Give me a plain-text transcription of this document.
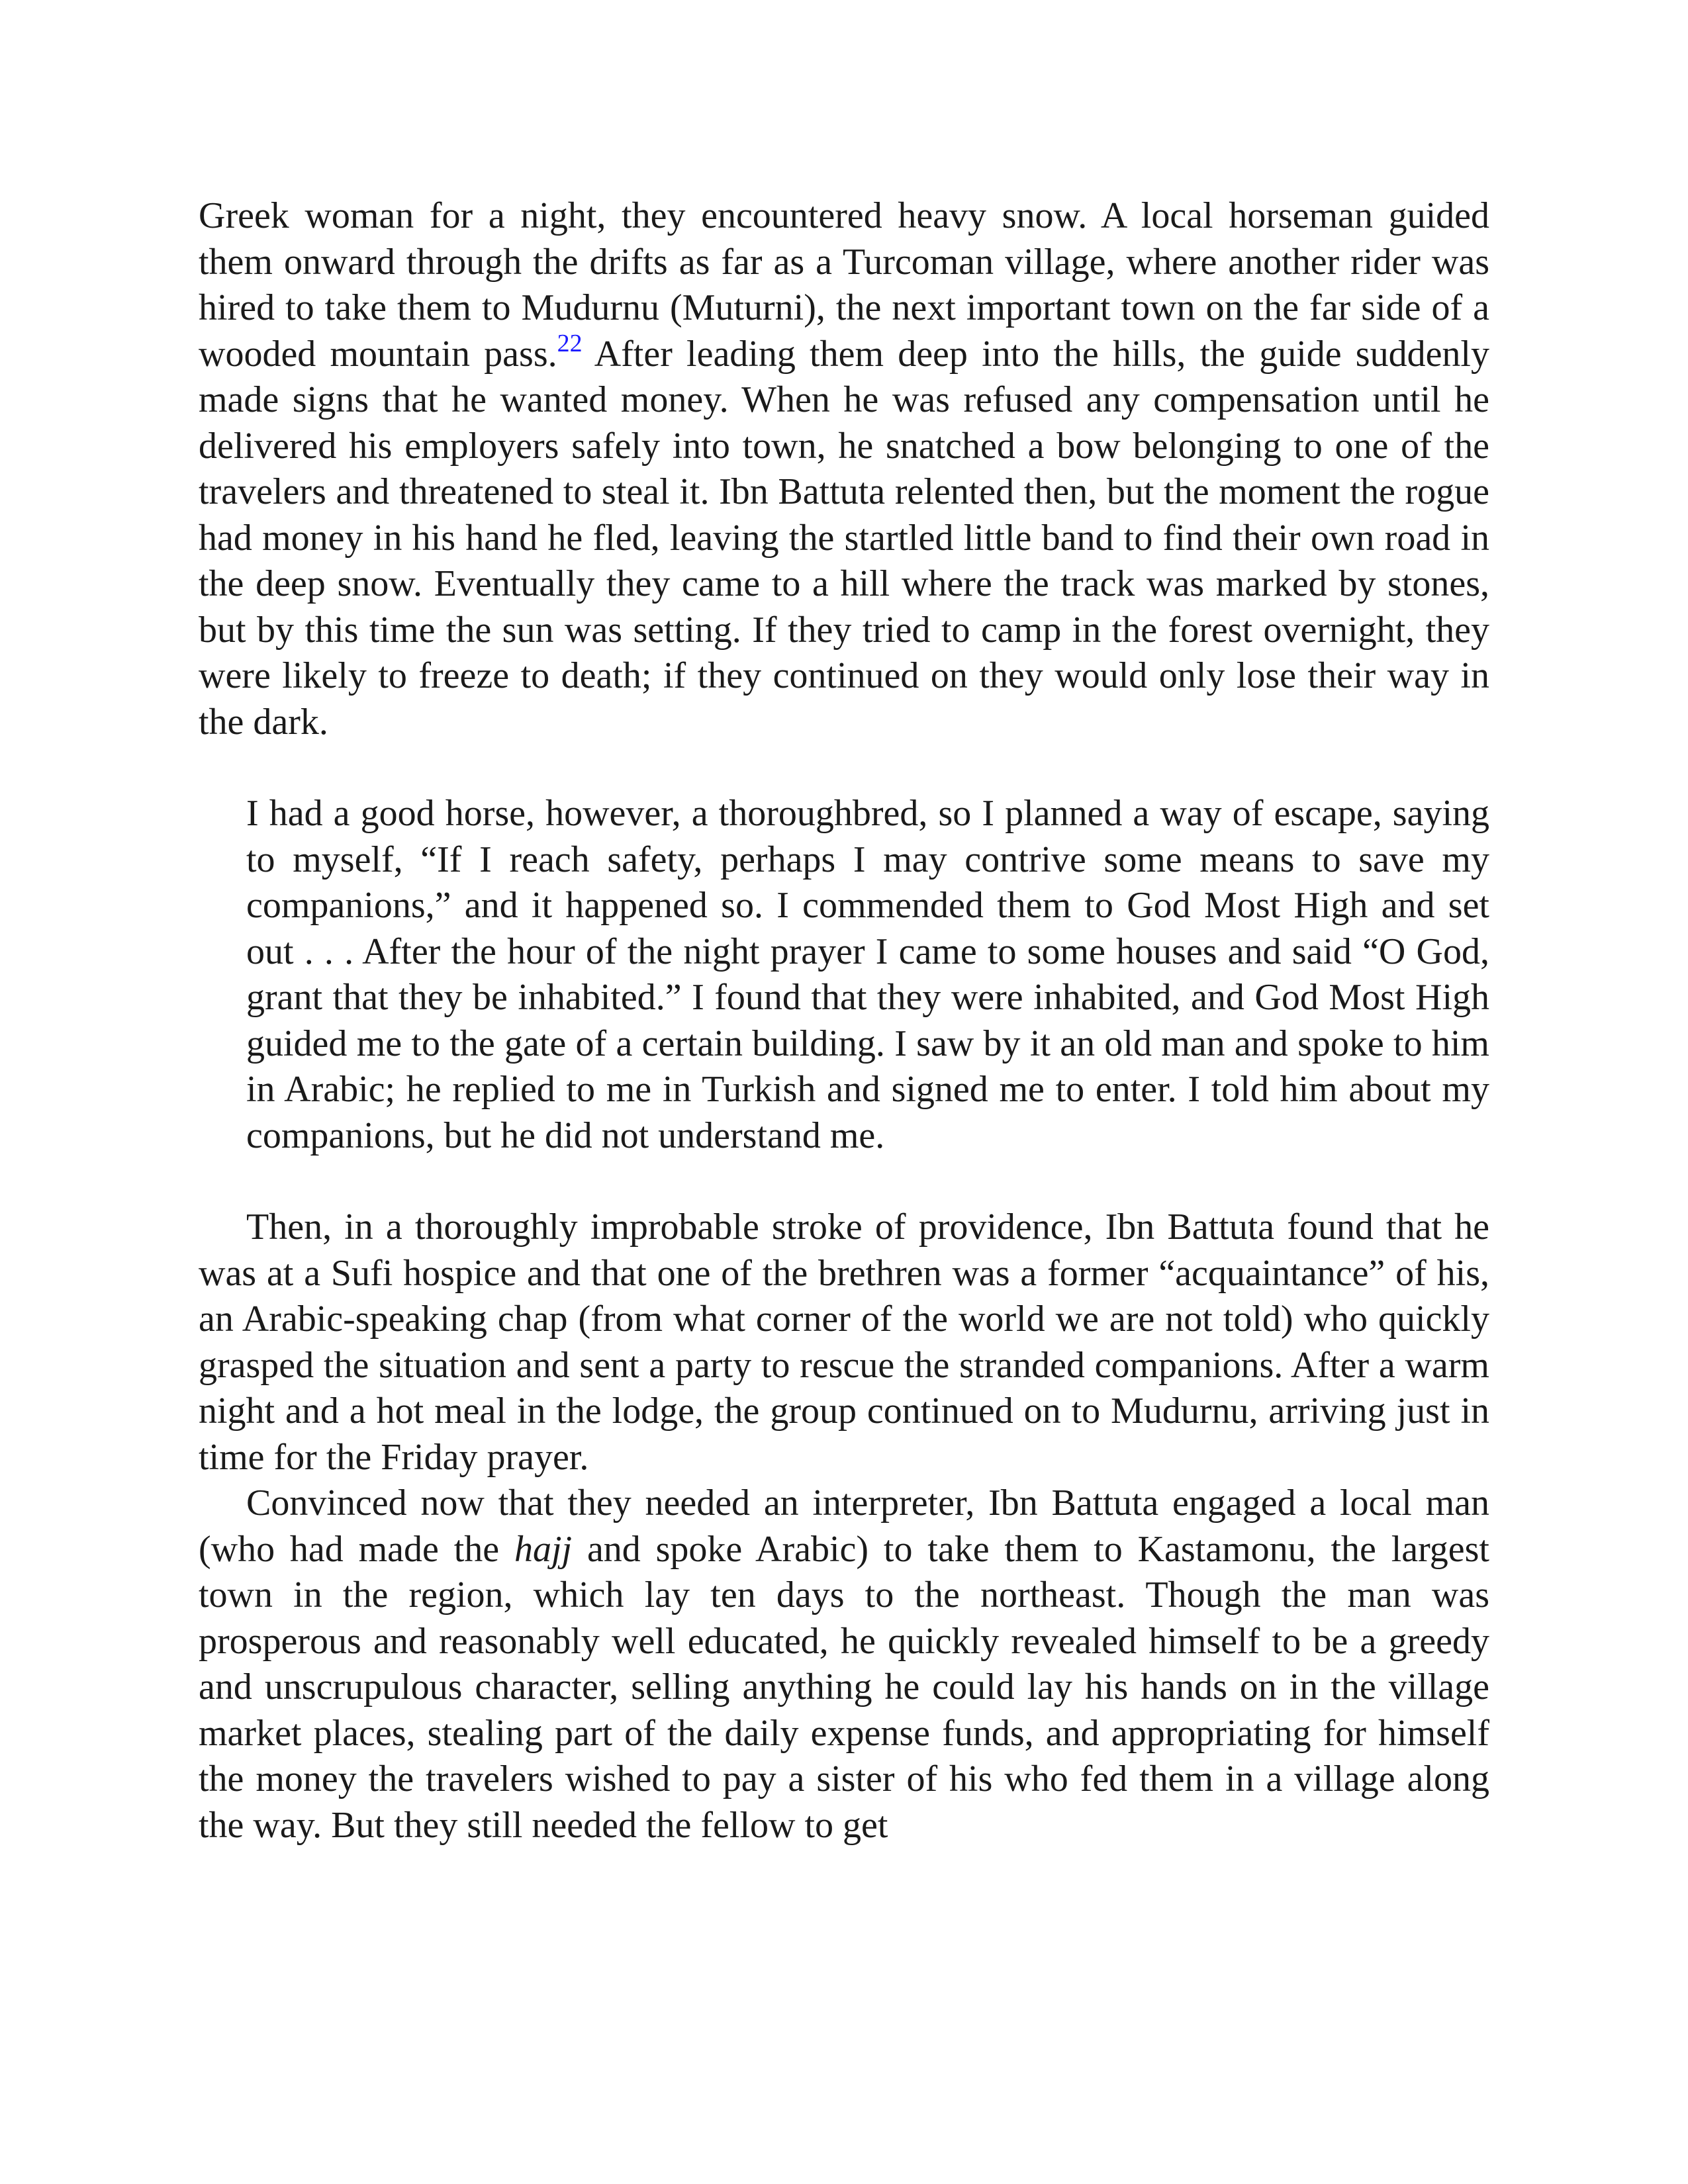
Greek woman for a night, they encountered heavy snow. A local horseman guided them onward through the drifts as far as a Turcoman village, where another rider was hired to take them to Mudurnu (Muturni), the next important town on the far side of a wooded mountain pass.$^{22}$ After leading them deep into the hills, the guide suddenly made signs that he wanted money. When he was refused any compensation until he delivered his employers safely into town, he snatched a bow belonging to one of the travelers and threatened to steal it. Ibn Battuta relented then, but the moment the rogue had money in his hand he fled, leaving the startled little band to find their own road in the deep snow. Eventually they came to a hill where the track was marked by stones, but by this time the sun was setting. If they tried to camp in the forest overnight, they were likely to freeze to death; if they continued on they would only lose their way in the dark.

I had a good horse, however, a thoroughbred, so I planned a way of escape, saying to myself, “If I reach safety, perhaps I may contrive some means to save my companions,” and it happened so. I commended them to God Most High and set out . . . After the hour of the night prayer I came to some houses and said “O God, grant that they be inhabited.” I found that they were inhabited, and God Most High guided me to the gate of a certain building. I saw by it an old man and spoke to him in Arabic; he replied to me in Turkish and signed me to enter. I told him about my companions, but he did not understand me.

Then, in a thoroughly improbable stroke of providence, Ibn Battuta found that he was at a Sufi hospice and that one of the brethren was a former “acquaintance” of his, an Arabic-speaking chap (from what corner of the world we are not told) who quickly grasped the situation and sent a party to rescue the stranded companions. After a warm night and a hot meal in the lodge, the group continued on to Mudurnu, arriving just in time for the Friday prayer.

Convinced now that they needed an interpreter, Ibn Battuta engaged a local man (who had made the hajj and spoke Arabic) to take them to Kastamonu, the largest town in the region, which lay ten days to the northeast. Though the man was prosperous and reasonably well educated, he quickly revealed himself to be a greedy and unscrupulous character, selling anything he could lay his hands on in the village market places, stealing part of the daily expense funds, and appropriating for himself the money the travelers wished to pay a sister of his who fed them in a village along the way. But they still needed the fellow to get
